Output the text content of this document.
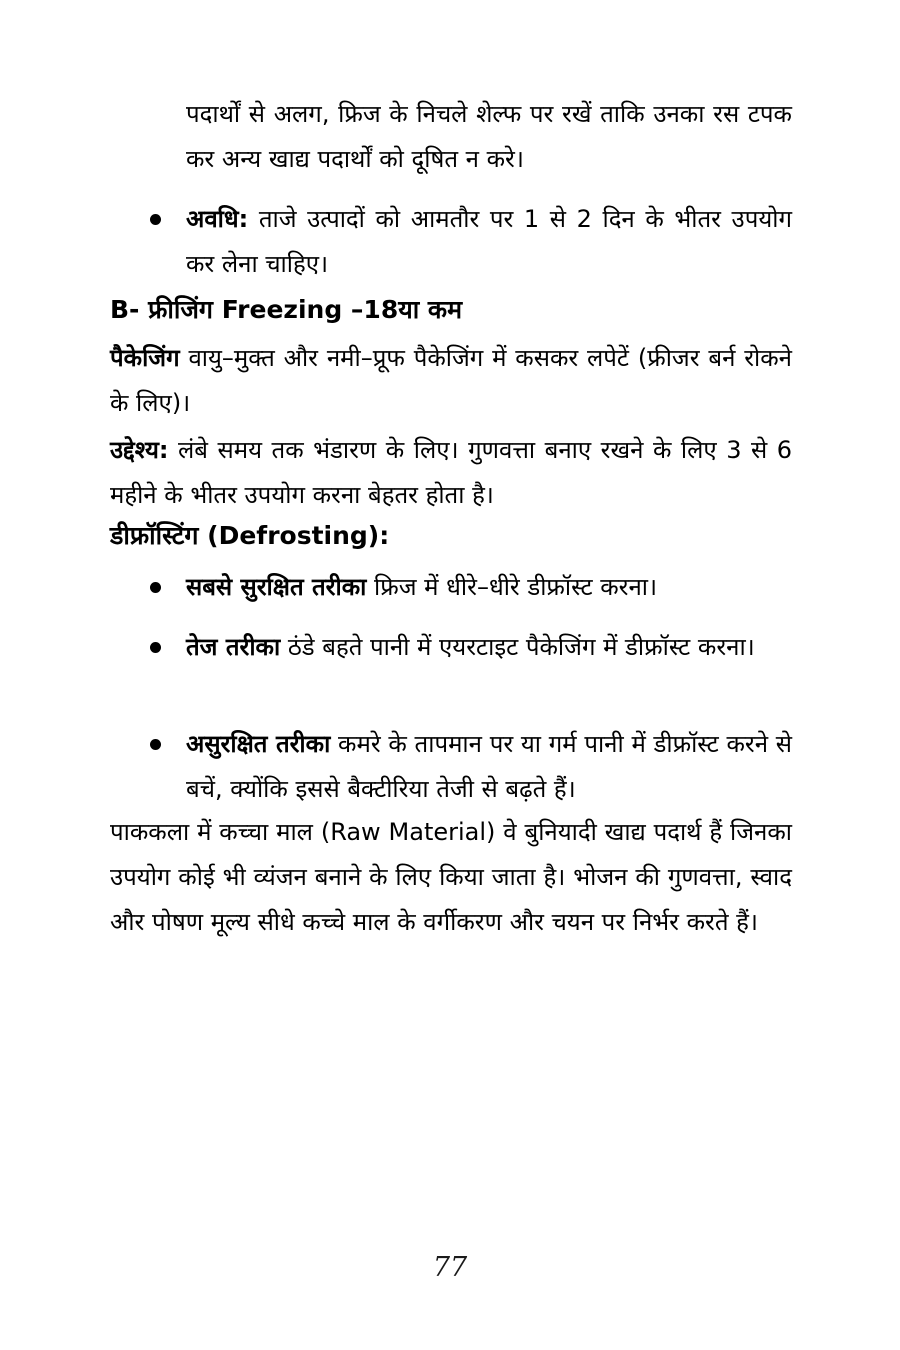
पदार्थों से अलग, फ्रिज के निचले शेल्फ पर रखें ताकि उनका रस टपक कर अन्य खाद्य पदार्थों को दूषित न करे।
अवधि: ताजे उत्पादों को आमतौर पर 1 से 2 दिन के भीतर उपयोग कर लेना चाहिए।
B- फ्रीजिंग Freezing –18या कम
पैकेजिंग वायु–मुक्त और नमी–प्रूफ पैकेजिंग में कसकर लपेटें (फ्रीजर बर्न रोकने के लिए)।
उद्देश्य: लंबे समय तक भंडारण के लिए। गुणवत्ता बनाए रखने के लिए 3 से 6 महीने के भीतर उपयोग करना बेहतर होता है।
डीफ्रॉस्टिंग (Defrosting):
सबसे सुरक्षित तरीका फ्रिज में धीरे–धीरे डीफ्रॉस्ट करना।
तेज तरीका ठंडे बहते पानी में एयरटाइट पैकेजिंग में डीफ्रॉस्ट करना।
असुरक्षित तरीका कमरे के तापमान पर या गर्म पानी में डीफ्रॉस्ट करने से बचें, क्योंकि इससे बैक्टीरिया तेजी से बढ़ते हैं।
पाककला में कच्चा माल (Raw Material) वे बुनियादी खाद्य पदार्थ हैं जिनका उपयोग कोई भी व्यंजन बनाने के लिए किया जाता है। भोजन की गुणवत्ता, स्वाद और पोषण मूल्य सीधे कच्चे माल के वर्गीकरण और चयन पर निर्भर करते हैं।
77
